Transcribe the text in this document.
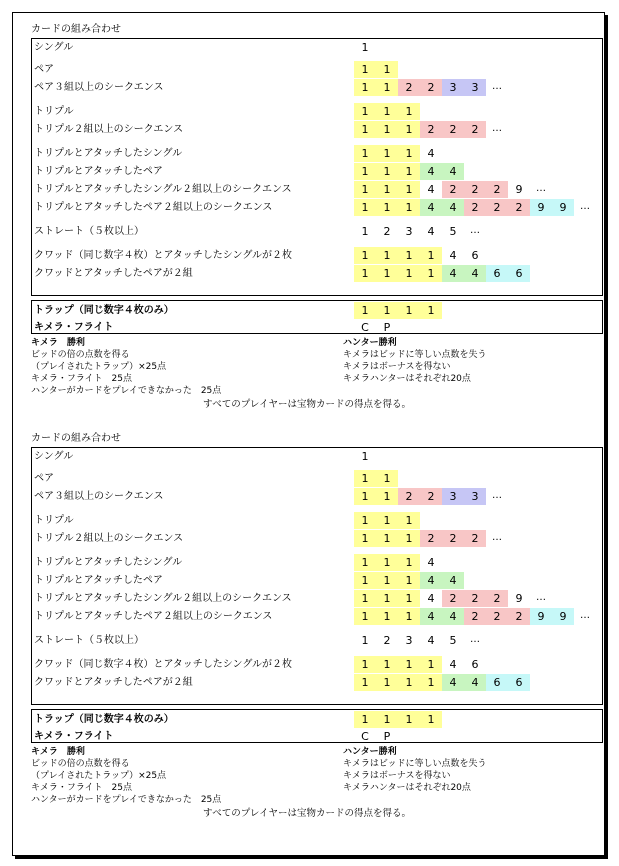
カードの組み合わせ
シングル	1
ペア	1	1
ペア３組以上のシークエンス	1	1	2	2	3	3	…
トリプル	1	1	1
トリプル２組以上のシークエンス	1	1	1	2	2	2	…
トリプルとアタッチしたシングル	1	1	1	4
トリプルとアタッチしたペア	1	1	1	4	4
トリプルとアタッチしたシングル２組以上のシークエンス	1	1	1	4	2	2	2	9	…
トリプルとアタッチしたペア２組以上のシークエンス	1	1	1	4	4	2	2	2	9	9	…
ストレート（５枚以上）	1	2	3	4	5	…
クワッド（同じ数字４枚）とアタッチしたシングルが２枚	1	1	1	1	4	6
クワッドとアタッチしたペアが２組	1	1	1	1	4	4	6	6
トラップ（同じ数字４枚のみ）	1	1	1	1
キメラ・フライト	C	P
キメラ　勝利
ビッドの倍の点数を得る
（プレイされたトラップ）×25点
キメラ・フライト　25点
ハンターがカードをプレイできなかった　25点
ハンター勝利
キメラはビッドに等しい点数を失う
キメラはボーナスを得ない
キメラハンターはそれぞれ20点
すべてのプレイヤーは宝物カードの得点を得る。
カードの組み合わせ
シングル	1
ペア	1	1
ペア３組以上のシークエンス	1	1	2	2	3	3	…
トリプル	1	1	1
トリプル２組以上のシークエンス	1	1	1	2	2	2	…
トリプルとアタッチしたシングル	1	1	1	4
トリプルとアタッチしたペア	1	1	1	4	4
トリプルとアタッチしたシングル２組以上のシークエンス	1	1	1	4	2	2	2	9	…
トリプルとアタッチしたペア２組以上のシークエンス	1	1	1	4	4	2	2	2	9	9	…
ストレート（５枚以上）	1	2	3	4	5	…
クワッド（同じ数字４枚）とアタッチしたシングルが２枚	1	1	1	1	4	6
クワッドとアタッチしたペアが２組	1	1	1	1	4	4	6	6
トラップ（同じ数字４枚のみ）	1	1	1	1
キメラ・フライト	C	P
キメラ　勝利
ビッドの倍の点数を得る
（プレイされたトラップ）×25点
キメラ・フライト　25点
ハンターがカードをプレイできなかった　25点
ハンター勝利
キメラはビッドに等しい点数を失う
キメラはボーナスを得ない
キメラハンターはそれぞれ20点
すべてのプレイヤーは宝物カードの得点を得る。
